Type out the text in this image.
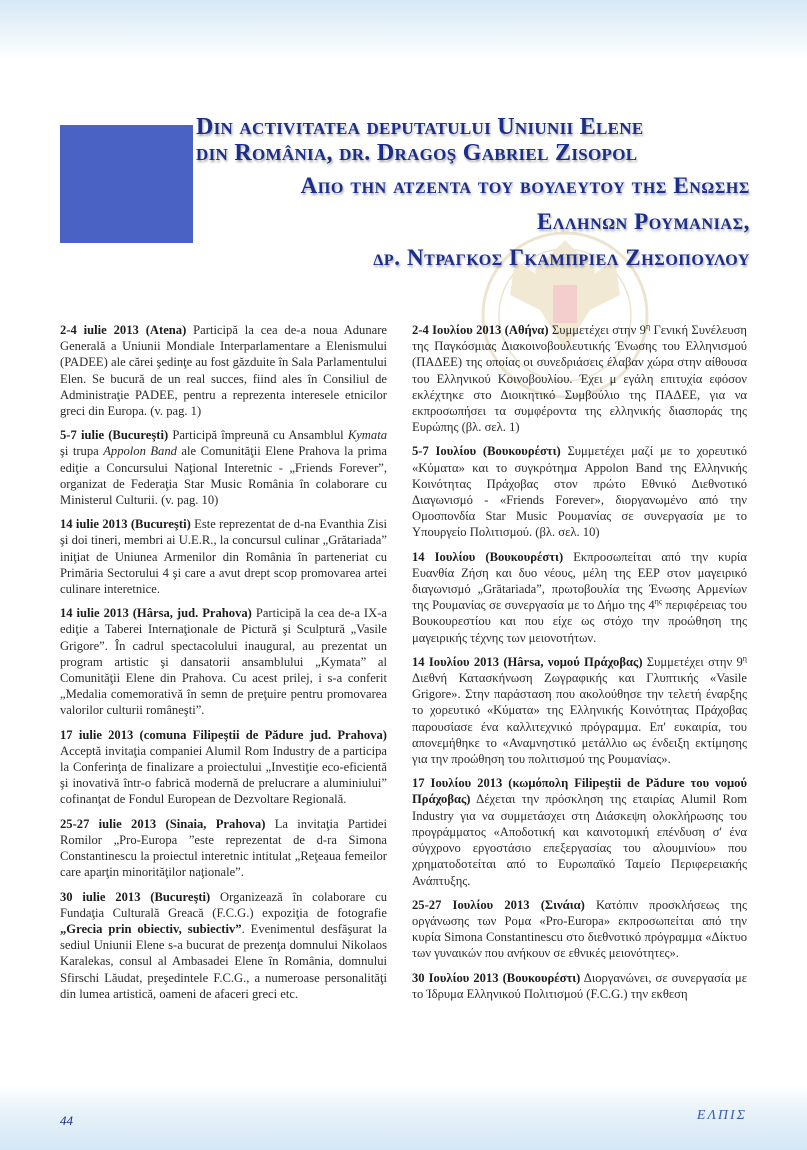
Din activitatea deputatului Uniunii Elene
din România, dr. Dragoş Gabriel Zisopol
Απο την ατζεντα του βουλευτου της Ενωσης
Ελληνων Ρουμανιας,
δρ. Ντραγκος Γκαμπριελ Ζησοπουλου

2-4 iulie 2013 (Atena) Participă la cea de-a noua Adunare Generală a Uniunii Mondiale Interparlamentare a Elenismului (PADEE) ale cărei şedinţe au fost găzduite în Sala Parlamentului Elen. Se bucură de un real succes, fiind ales în Consiliul de Administraţie PADEE, pentru a reprezenta interesele etnicilor greci din Europa. (v. pag. 1)

5-7 iulie (Bucureşti) Participă împreună cu Ansamblul Kymata şi trupa Appolon Band ale Comunităţii Elene Prahova la prima ediţie a Concursului Naţional Interetnic - „Friends Forever”, organizat de Federaţia Star Music România în colaborare cu Ministerul Culturii. (v. pag. 10)

14 iulie 2013 (Bucureşti) Este reprezentat de d-na Evanthia Zisi şi doi tineri, membri ai U.E.R., la concursul culinar „Grătariada” iniţiat de Uniunea Armenilor din România în parteneriat cu Primăria Sectorului 4 şi care a avut drept scop promovarea artei culinare interetnice.

14 iulie 2013 (Hârsa, jud. Prahova) Participă la cea de-a IX-a ediţie a Taberei Internaţionale de Pictură şi Sculptură „Vasile Grigore”. În cadrul spectacolului inaugural, au prezentat un program artistic şi dansatorii ansamblului „Kymata” al Comunităţii Elene din Prahova. Cu acest prilej, i s-a conferit „Medalia comemorativă în semn de preţuire pentru promovarea valorilor culturii româneşti”.

17 iulie 2013 (comuna Filipeştii de Pădure jud. Prahova) Acceptă invitaţia companiei Alumil Rom Industry de a participa la Conferinţa de finalizare a proiectului „Investiţie eco-eficientă şi inovativă într-o fabrică modernă de prelucrare a aluminiului” cofinanţat de Fondul European de Dezvoltare Regională.

25-27 iulie 2013 (Sinaia, Prahova) La invitaţia Partidei Romilor „Pro-Europa ”este reprezentat de d-ra Simona Constantinescu la proiectul interetnic intitulat „Reţeaua femeilor care aparţin minorităţilor naţionale”.

30 iulie 2013 (Bucureşti) Organizează în colaborare cu Fundaţia Culturală Greacă (F.C.G.) expoziţia de fotografie „Grecia prin obiectiv, subiectiv”. Evenimentul desfăşurat la sediul Uniunii Elene s-a bucurat de prezenţa domnului Nikolaos Karalekas, consul al Ambasadei Elene în România, domnului Sfirschi Lăudat, preşedintele F.C.G., a numeroase personalităţi din lumea artistică, oameni de afaceri greci etc.

2-4 Ιουλίου 2013 (Αθήνα) Συμμετέχει στην $9^\eta$ Γενική Συνέλευση της Παγκόσμιας Διακοινοβουλευτικής Ένωσης του Ελληνισμού (ΠΑΔΕΕ) της οποίας οι συνεδριάσεις έλαβαν χώρα στην αίθουσα του Ελληνικού Κοινοβουλίου. Έχει μ εγάλη επιτυχία εφόσον εκλέχτηκε στο Διοικητικό Συμβούλιο της ΠΑΔΕΕ, για να εκπροσωπήσει τα συμφέροντα της ελληνικής διασποράς της Ευρώπης (βλ. σελ. 1)

5-7 Ιουλίου (Βουκουρέστι) Συμμετέχει μαζί με το χορευτικό «Κύματα» και το συγκρότημα Appolon Band της Ελληνικής Κοινότητας Πράχοβας στον πρώτο Εθνικό Διεθνοτικό Διαγωνισμό - «Friends Forever», διοργανωμένο από την Ομοσπονδία Star Music Ρουμανίας σε συνεργασία με το Υπουργείο Πολιτισμού. (βλ. σελ. 10)

14 Ιουλίου (Βουκουρέστι) Εκπροσωπείται από την κυρία Ευανθία Ζήση και δυο νέους, μέλη της ΕΕΡ στον μαγειρικό διαγωνισμό „Grătariada”, πρωτοβουλία της Ένωσης Αρμενίων της Ρουμανίας σε συνεργασία με το Δήμο της $4^{\eta\varsigma}$ περιφέρειας του Βουκουρεστίου και που είχε ως στόχο την προώθηση της μαγειρικής τέχνης των μειονοτήτων.

14 Ιουλίου 2013 (Hârsa, νομού Πράχοβας) Συμμετέχει στην $9^\eta$ Διεθνή Κατασκήνωση Ζωγραφικής και Γλυπτικής «Vasile Grigore». Στην παράσταση που ακολούθησε την τελετή έναρξης το χορευτικό «Κύματα» της Ελληνικής Κοινότητας Πράχοβας παρουσίασε ένα καλλιτεχνικό πρόγραμμα. Επ' ευκαιρία, του απονεμήθηκε το «Αναμνηστικό μετάλλιο ως ένδειξη εκτίμησης για την προώθηση του πολιτισμού της Ρουμανίας».

17 Ιουλίου 2013 (κωμόπολη Filipeştii de Pădure του νομού Πράχοβας) Δέχεται την πρόσκληση της εταιρίας Alumil Rom Industry για να συμμετάσχει στη Διάσκεψη ολοκλήρωσης του προγράμματος «Αποδοτική και καινοτομική επένδυση σ' ένα σύγχρονο εργοστάσιο επεξεργασίας του αλουμινίου» που χρηματοδοτείται από το Ευρωπαϊκό Ταμείο Περιφερειακής Ανάπτυξης.

25-27 Ιουλίου 2013 (Σινάια) Κατόπιν προσκλήσεως της οργάνωσης των Ρομα «Pro-Europa» εκπροσωπείται από την κυρία Simona Constantinescu στο διεθνοτικό πρόγραμμα «Δίκτυο των γυναικών που ανήκουν σε εθνικές μειονότητες».

30 Ιουλίου 2013 (Βουκουρέστι) Διοργανώνει, σε συνεργασία με το Ίδρυμα Ελληνικού Πολιτισμού (F.C.G.) την εκθεση

44	ΕΛΠΙΣ
